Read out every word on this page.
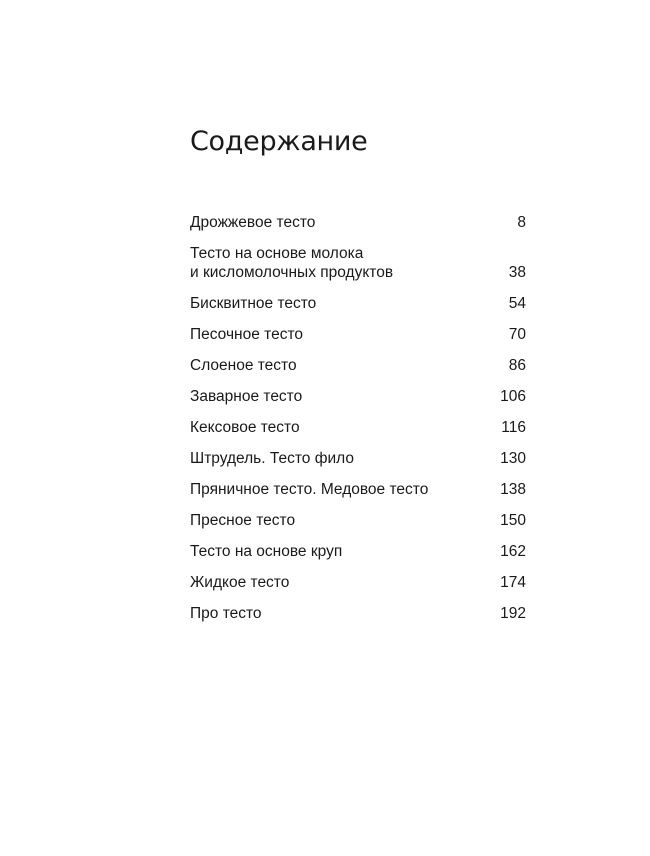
Содержание
Дрожжевое тесто	8
Тесто на основе молока
и кисломолочных продуктов	38
Бисквитное тесто	54
Песочное тесто	70
Слоеное тесто	86
Заварное тесто	106
Кексовое тесто	116
Штрудель. Тесто фило	130
Пряничное тесто. Медовое тесто	138
Пресное тесто	150
Тесто на основе круп	162
Жидкое тесто	174
Про тесто	192
